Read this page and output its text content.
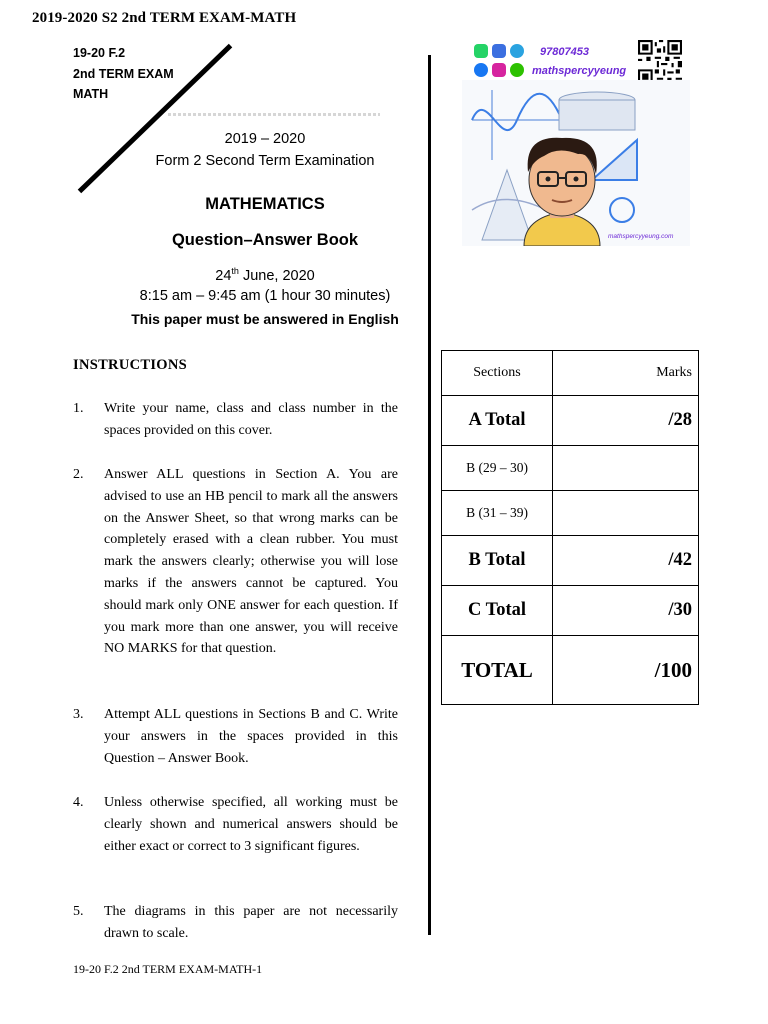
2019-2020 S2 2nd TERM EXAM-MATH
19-20 F.2
2nd TERM EXAM
MATH
2019 – 2020
Form 2 Second Term Examination
MATHEMATICS
Question–Answer Book
24th June, 2020
8:15 am – 9:45 am (1 hour 30 minutes)
This paper must be answered in English
INSTRUCTIONS
1.	Write your name, class and class number in the spaces provided on this cover.
2.	Answer ALL questions in Section A. You are advised to use an HB pencil to mark all the answers on the Answer Sheet, so that wrong marks can be completely erased with a clean rubber. You must mark the answers clearly; otherwise you will lose marks if the answers cannot be captured. You should mark only ONE answer for each question. If you mark more than one answer, you will receive NO MARKS for that question.
3.	Attempt ALL questions in Sections B and C. Write your answers in the spaces provided in this Question – Answer Book.
4.	Unless otherwise specified, all working must be clearly shown and numerical answers should be either exact or correct to 3 significant figures.
5.	The diagrams in this paper are not necessarily drawn to scale.
19-20 F.2 2nd TERM EXAM-MATH-1
97807453
mathspercyyeung
mathspercyyeung.com
Sections	Marks
A Total	/28
B (29 – 30)	
B (31 – 39)	
B Total	/42
C Total	/30
TOTAL	/100
